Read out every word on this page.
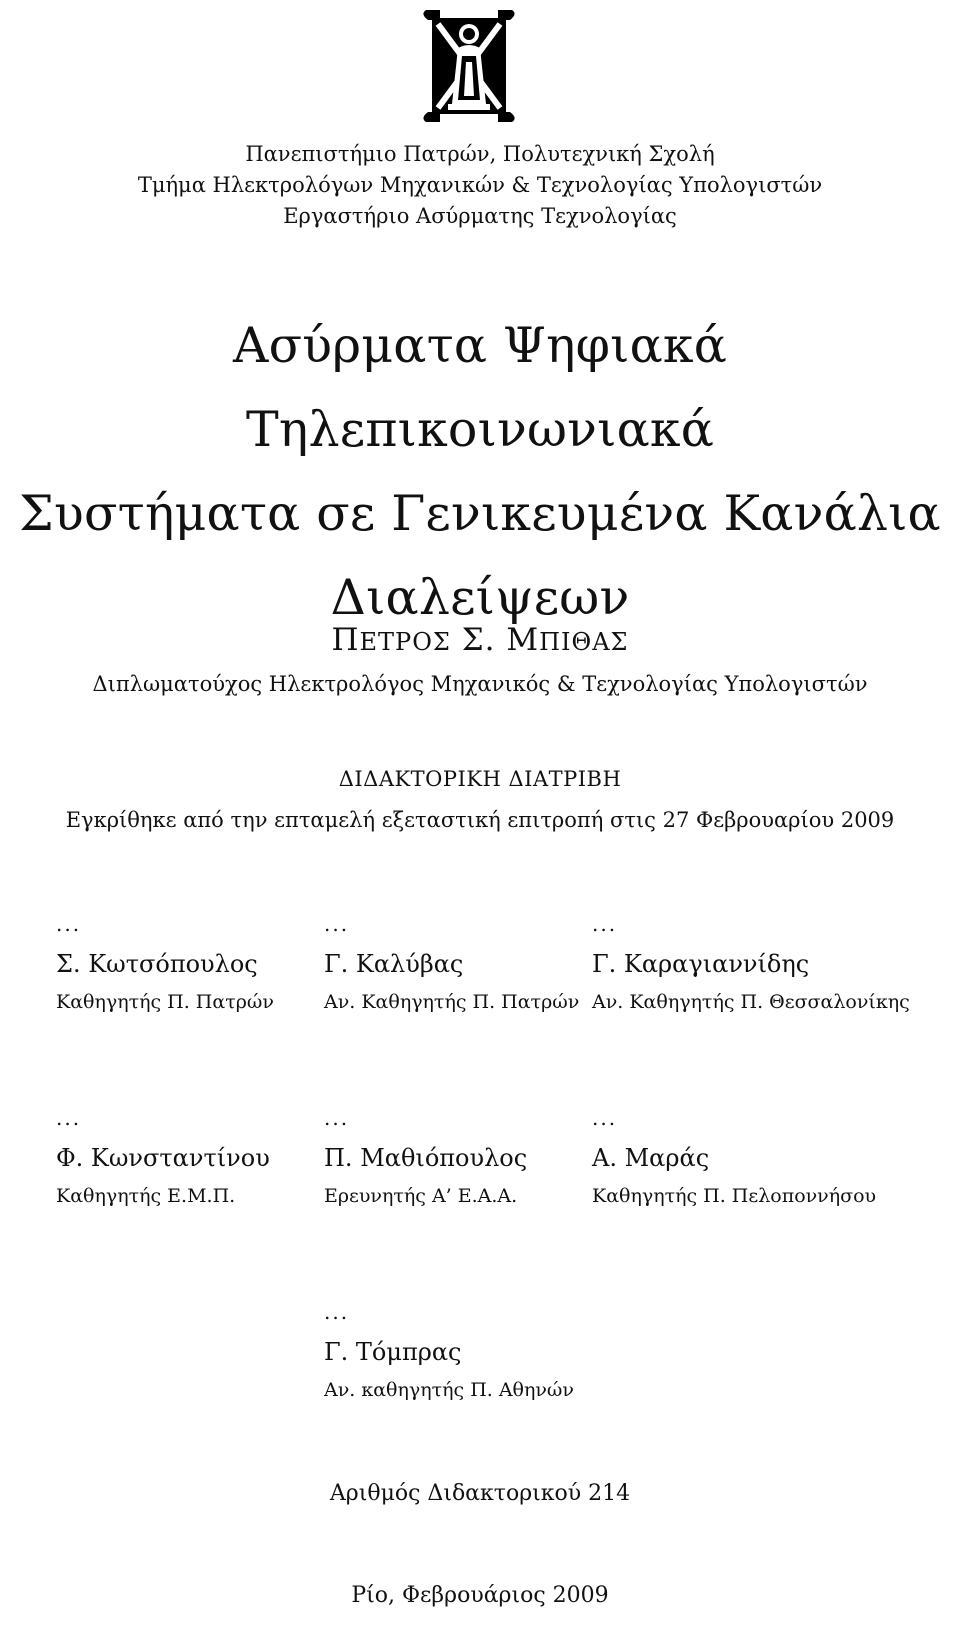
Πανεπιστήμιο Πατρών, Πολυτεχνική Σχολή
Τμήμα Ηλεκτρολόγων Μηχανικών & Τεχνολογίας Υπολογιστών
Εργαστήριο Ασύρματης Τεχνολογίας
Ασύρματα Ψηφιακά Τηλεπικοινωνιακά
Συστήματα σε Γενικευμένα Κανάλια
Διαλείψεων
ΠΕΤΡΟΣ Σ. ΜΠΙΘΑΣ
Διπλωματούχος Ηλεκτρολόγος Μηχανικός & Τεχνολογίας Υπολογιστών
ΔΙΔΑΚΤΟΡΙΚΗ ΔΙΑΤΡΙΒΗ
Εγκρίθηκε από την επταμελή εξεταστική επιτροπή στις 27 Φεβρουαρίου 2009
...
Σ. Κωτσόπουλος
Καθηγητής Π. Πατρών
...
Γ. Καλύβας
Αν. Καθηγητής Π. Πατρών
...
Γ. Καραγιαννίδης
Αν. Καθηγητής Π. Θεσσαλονίκης
...
Φ. Κωνσταντίνου
Καθηγητής Ε.Μ.Π.
...
Π. Μαθιόπουλος
Ερευνητής Α’ Ε.Α.Α.
...
Α. Μαράς
Καθηγητής Π. Πελοποννήσου
...
Γ. Τόμπρας
Αν. καθηγητής Π. Αθηνών
Αριθμός Διδακτορικού 214
Ρίο, Φεβρουάριος 2009
